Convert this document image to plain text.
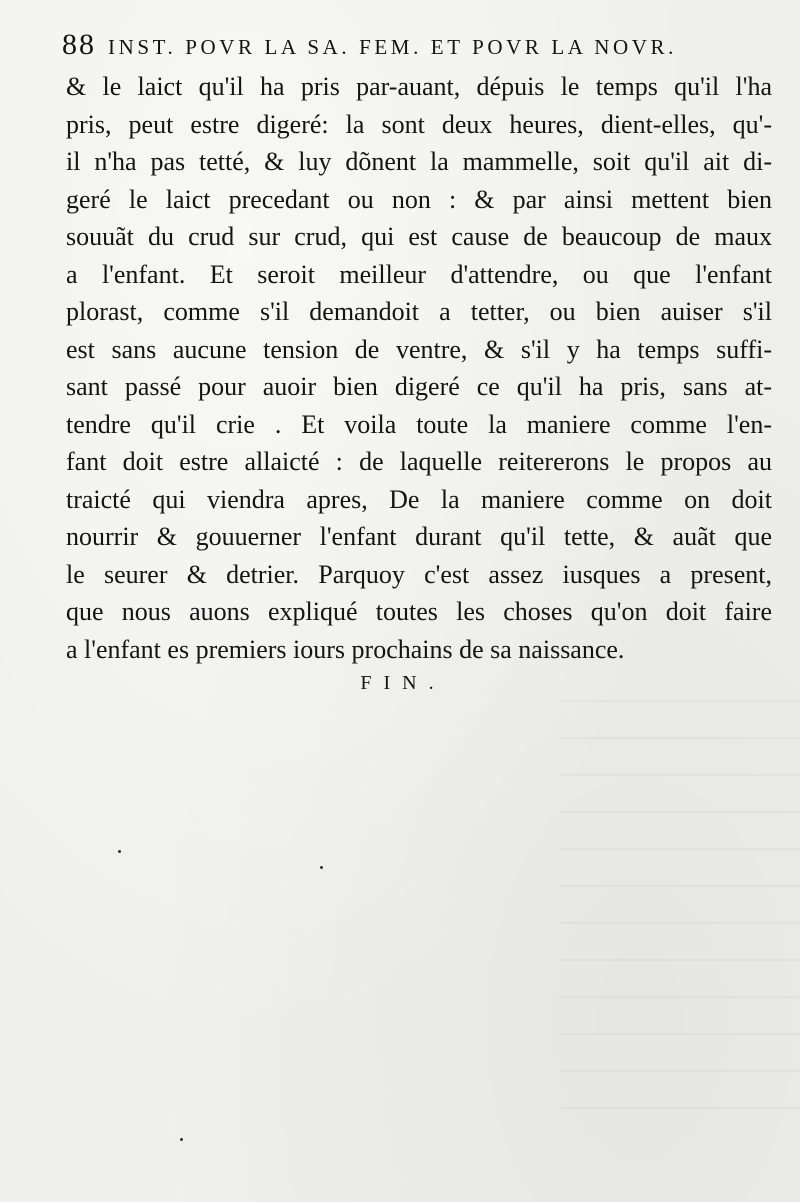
88 INST. POVR LA SA. FEM. ET POVR LA NOVR.
& le laict qu'il ha pris par-auant, dépuis le temps qu'il l'ha
pris, peut estre digeré: la sont deux heures, dient-elles, qu'-
il n'ha pas tetté, & luy dõnent la mammelle, soit qu'il ait di-
geré le laict precedant ou non : & par ainsi mettent bien
souuãt du crud sur crud, qui est cause de beaucoup de maux
a l'enfant. Et seroit meilleur d'attendre, ou que l'enfant
plorast, comme s'il demandoit a tetter, ou bien auiser s'il
est sans aucune tension de ventre, & s'il y ha temps suffi-
sant passé pour auoir bien digeré ce qu'il ha pris, sans at-
tendre qu'il crie . Et voila toute la maniere comme l'en-
fant doit estre allaicté : de laquelle reitererons le propos au
traicté qui viendra apres, De la maniere comme on doit
nourrir & gouuerner l'enfant durant qu'il tette, & auãt que
le seurer & detrier. Parquoy c'est assez iusques a present,
que nous auons expliqué toutes les choses qu'on doit faire
a l'enfant es premiers iours prochains de sa naissance.
FIN.
